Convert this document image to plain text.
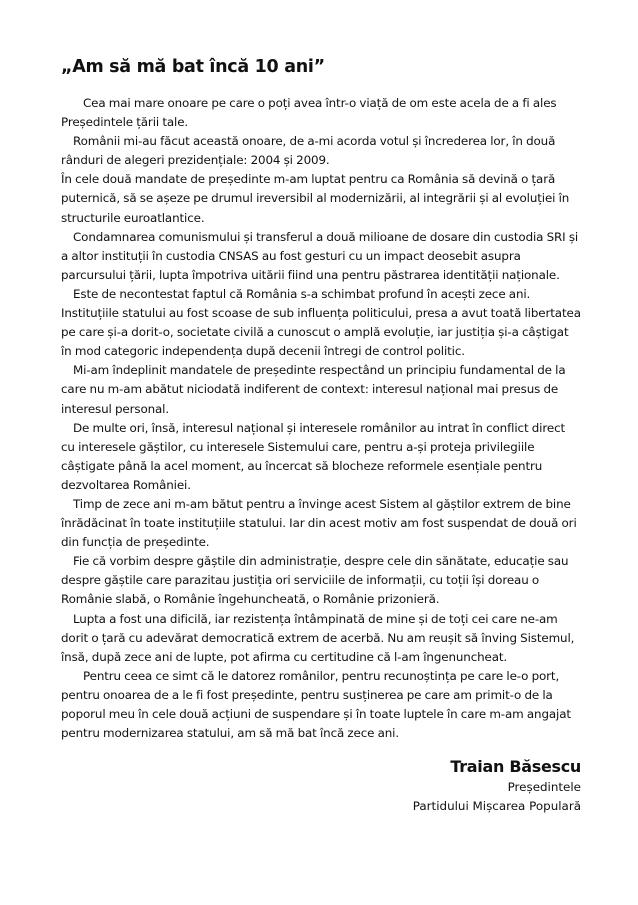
„Am să mă bat încă 10 ani”

Cea mai mare onoare pe care o poți avea într-o viață de om este acela de a fi ales Președintele țării tale.

Românii mi-au făcut această onoare, de a-mi acorda votul și încrederea lor, în două rânduri de alegeri prezidențiale: 2004 și 2009.

În cele două mandate de președinte m-am luptat pentru ca România să devină o țară puternică, să se așeze pe drumul ireversibil al modernizării, al integrării și al evoluției în structurile euroatlantice.

Condamnarea comunismului și transferul a două milioane de dosare din custodia SRI și a altor instituții în custodia CNSAS au fost gesturi cu un impact deosebit asupra parcursului țării, lupta împotriva uitării fiind una pentru păstrarea identității naționale.

Este de necontestat faptul că România s-a schimbat profund în acești zece ani. Instituțiile statului au fost scoase de sub influența politicului, presa a avut toată libertatea pe care și-a dorit-o, societate civilă a cunoscut o amplă evoluție, iar justiția și-a câștigat în mod categoric independența după decenii întregi de control politic.

Mi-am îndeplinit mandatele de președinte respectând un principiu fundamental de la care nu m-am abătut niciodată indiferent de context: interesul național mai presus de interesul personal.

De multe ori, însă, interesul național și interesele românilor au intrat în conflict direct cu interesele găștilor, cu interesele Sistemului care, pentru a-și proteja privilegiile câștigate până la acel moment, au încercat să blocheze reformele esențiale pentru dezvoltarea României.

Timp de zece ani m-am bătut pentru a învinge acest Sistem al găștilor extrem de bine înrădăcinat în toate instituțiile statului. Iar din acest motiv am fost suspendat de două ori din funcția de președinte.

Fie că vorbim despre găștile din administrație, despre cele din sănătate, educație sau despre găștile care parazitau justiția ori serviciile de informații, cu toții își doreau o Românie slabă, o Românie îngehuncheată, o Românie prizonieră.

Lupta a fost una dificilă, iar rezistența întâmpinată de mine și de toți cei care ne-am dorit o țară cu adevărat democratică extrem de acerbă. Nu am reușit să înving Sistemul, însă, după zece ani de lupte, pot afirma cu certitudine că l-am îngenuncheat.

Pentru ceea ce simt că le datorez românilor, pentru recunoștința pe care le-o port, pentru onoarea de a le fi fost președinte, pentru susținerea pe care am primit-o de la poporul meu în cele două acțiuni de suspendare și în toate luptele în care m-am angajat pentru modernizarea statului, am să mă bat încă zece ani.

Traian Băsescu

Președintele

Partidului Mișcarea Populară
